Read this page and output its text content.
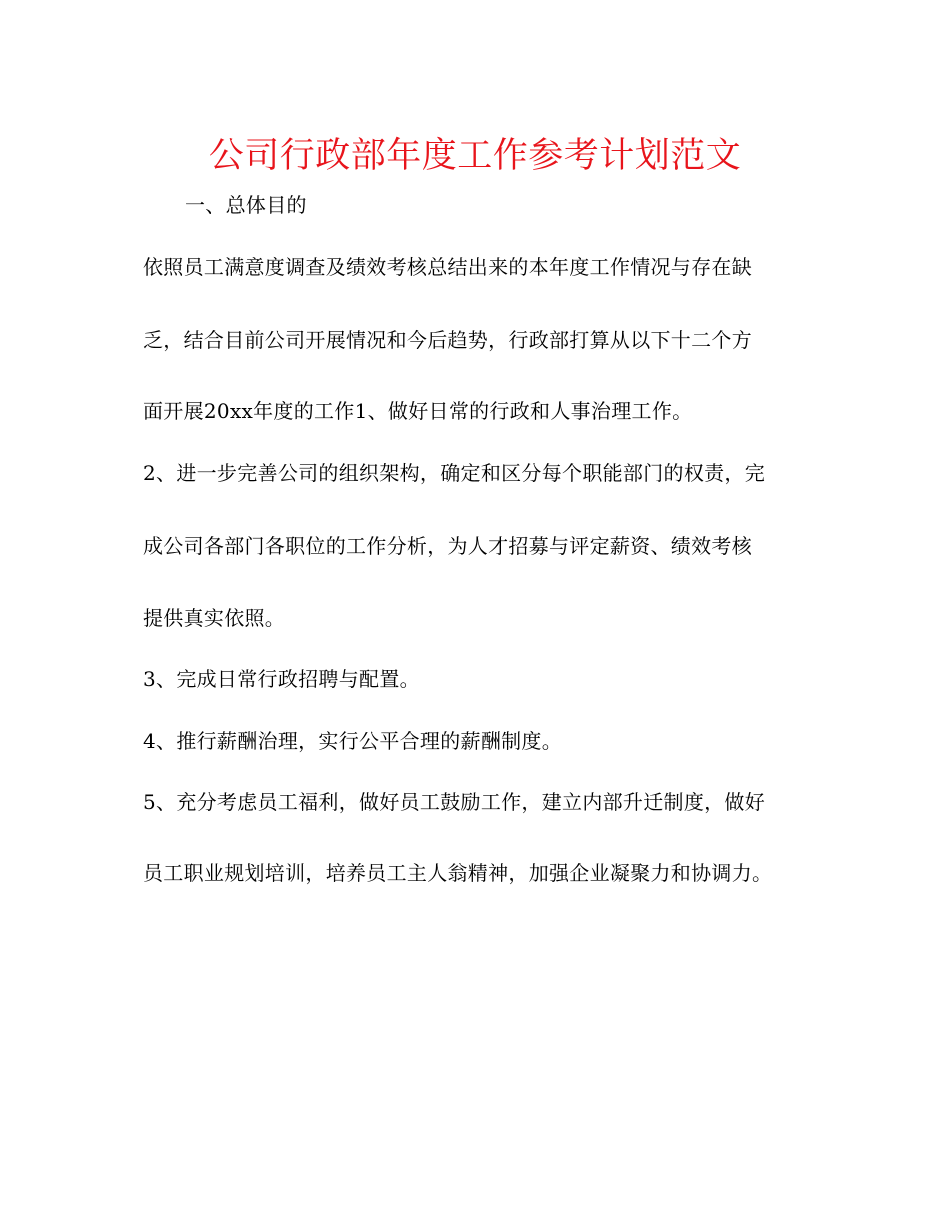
公司行政部年度工作参考计划范文

一、总体目的

依照员工满意度调查及绩效考核总结出来的本年度工作情况与存在缺

乏，结合目前公司开展情况和今后趋势，行政部打算从以下十二个方

面开展20xx年度的工作1、做好日常的行政和人事治理工作。

2、进一步完善公司的组织架构，确定和区分每个职能部门的权责，完

成公司各部门各职位的工作分析，为人才招募与评定薪资、绩效考核

提供真实依照。

3、完成日常行政招聘与配置。

4、推行薪酬治理，实行公平合理的薪酬制度。

5、充分考虑员工福利，做好员工鼓励工作，建立内部升迁制度，做好

员工职业规划培训，培养员工主人翁精神，加强企业凝聚力和协调力。
